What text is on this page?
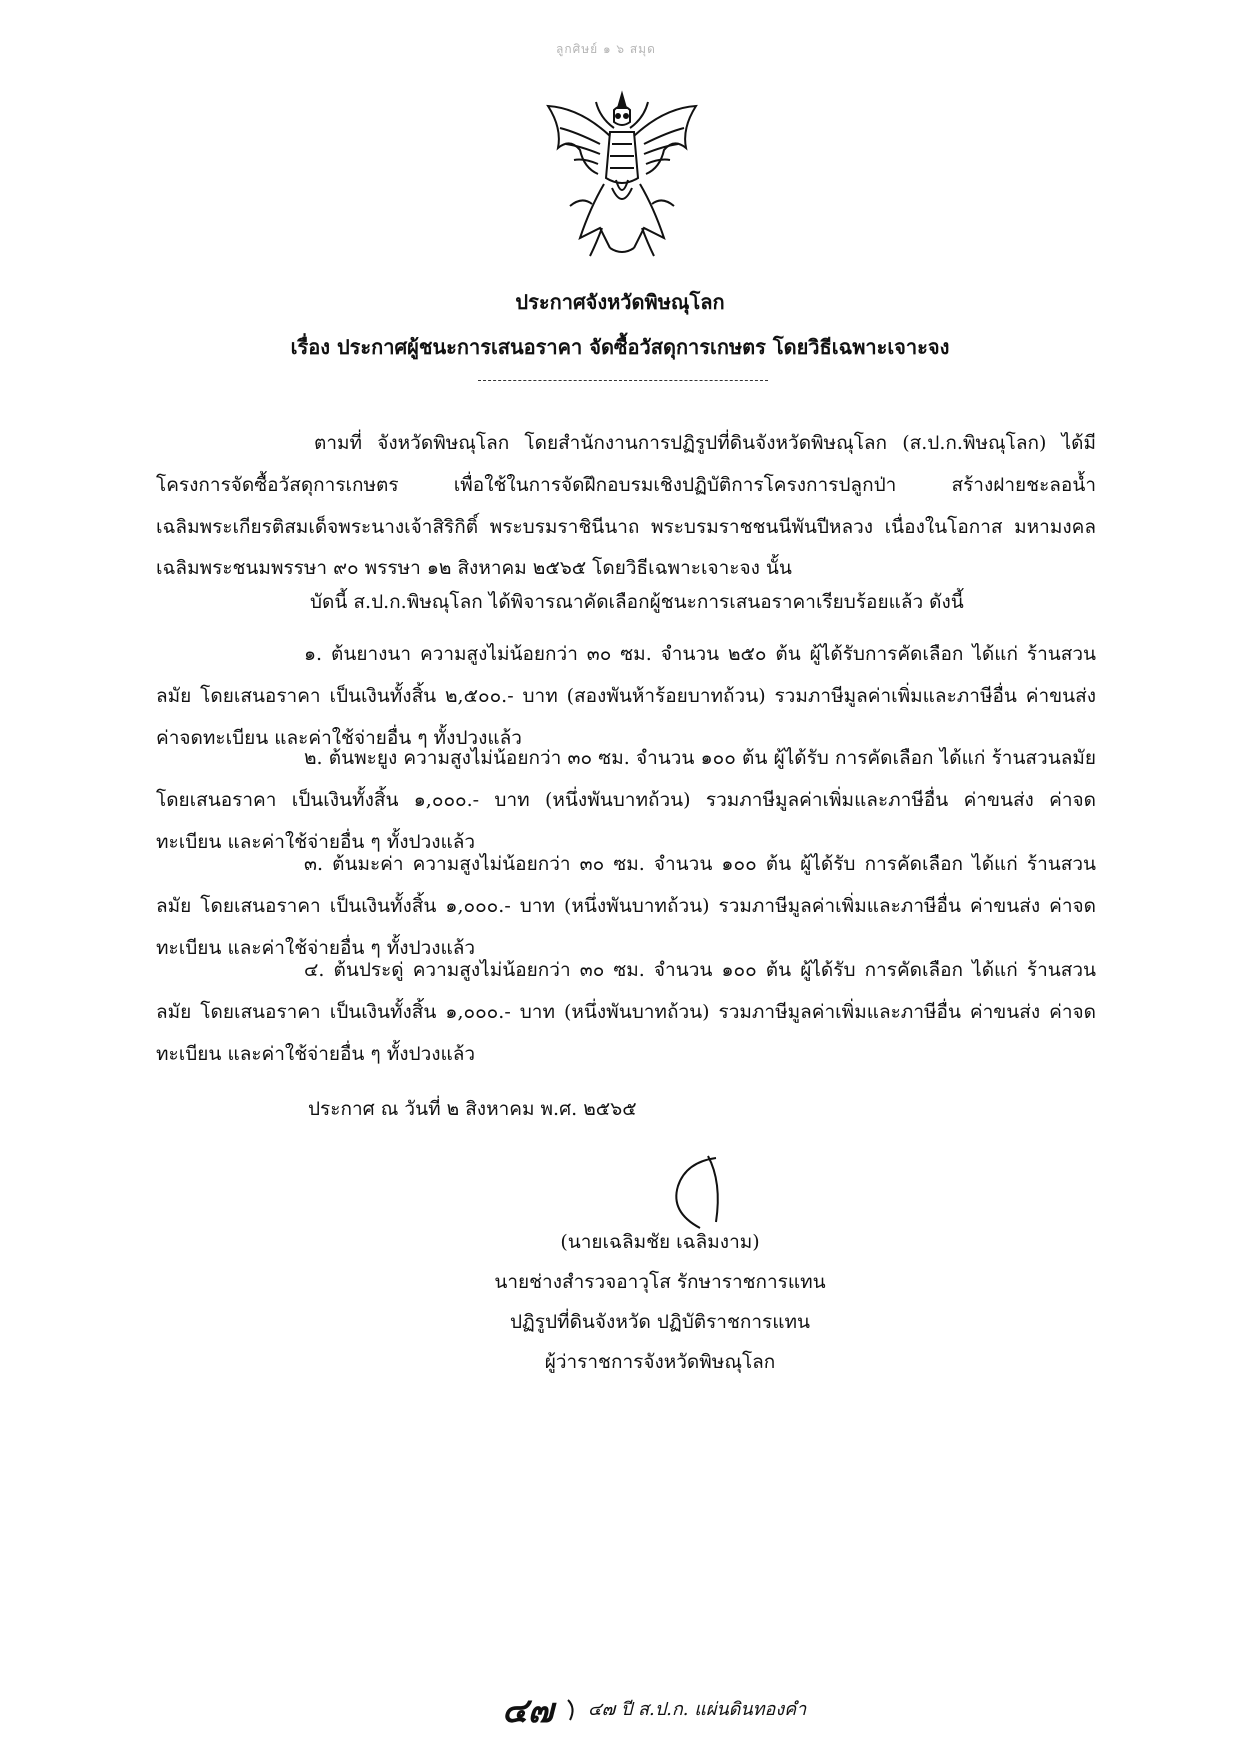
ลูกศิษย์ ๑ ๖ สมุด
ประกาศจังหวัดพิษณุโลก
เรื่อง ประกาศผู้ชนะการเสนอราคา จัดซื้อวัสดุการเกษตร โดยวิธีเฉพาะเจาะจง

ตามที่ จังหวัดพิษณุโลก โดยสำนักงานการปฏิรูปที่ดินจังหวัดพิษณุโลก (ส.ป.ก.พิษณุโลก) ได้มีโครงการจัดซื้อวัสดุการเกษตร เพื่อใช้ในการจัดฝึกอบรมเชิงปฏิบัติการโครงการปลูกป่า สร้างฝายชะลอน้ำ เฉลิมพระเกียรติสมเด็จพระนางเจ้าสิริกิติ์ พระบรมราชินีนาถ พระบรมราชชนนีพันปีหลวง เนื่องในโอกาส มหามงคลเฉลิมพระชนมพรรษา ๙๐ พรรษา ๑๒ สิงหาคม ๒๕๖๕ โดยวิธีเฉพาะเจาะจง นั้น

บัดนี้ ส.ป.ก.พิษณุโลก ได้พิจารณาคัดเลือกผู้ชนะการเสนอราคาเรียบร้อยแล้ว ดังนี้

๑. ต้นยางนา ความสูงไม่น้อยกว่า ๓๐ ซม. จำนวน ๒๕๐ ต้น ผู้ได้รับการคัดเลือก ได้แก่ ร้านสวนลมัย โดยเสนอราคา เป็นเงินทั้งสิ้น ๒,๕๐๐.- บาท (สองพันห้าร้อยบาทถ้วน) รวมภาษีมูลค่าเพิ่มและภาษีอื่น ค่าขนส่ง ค่าจดทะเบียน และค่าใช้จ่ายอื่น ๆ ทั้งปวงแล้ว

๒. ต้นพะยูง ความสูงไม่น้อยกว่า ๓๐ ซม. จำนวน ๑๐๐ ต้น ผู้ได้รับ การคัดเลือก ได้แก่ ร้านสวนลมัย โดยเสนอราคา เป็นเงินทั้งสิ้น ๑,๐๐๐.- บาท (หนึ่งพันบาทถ้วน) รวมภาษีมูลค่าเพิ่มและภาษีอื่น ค่าขนส่ง ค่าจดทะเบียน และค่าใช้จ่ายอื่น ๆ ทั้งปวงแล้ว

๓. ต้นมะค่า ความสูงไม่น้อยกว่า ๓๐ ซม. จำนวน ๑๐๐ ต้น ผู้ได้รับ การคัดเลือก ได้แก่ ร้านสวนลมัย โดยเสนอราคา เป็นเงินทั้งสิ้น ๑,๐๐๐.- บาท (หนึ่งพันบาทถ้วน) รวมภาษีมูลค่าเพิ่มและภาษีอื่น ค่าขนส่ง ค่าจดทะเบียน และค่าใช้จ่ายอื่น ๆ ทั้งปวงแล้ว

๔. ต้นประดู่ ความสูงไม่น้อยกว่า ๓๐ ซม. จำนวน ๑๐๐ ต้น ผู้ได้รับ การคัดเลือก ได้แก่ ร้านสวนลมัย โดยเสนอราคา เป็นเงินทั้งสิ้น ๑,๐๐๐.- บาท (หนึ่งพันบาทถ้วน) รวมภาษีมูลค่าเพิ่มและภาษีอื่น ค่าขนส่ง ค่าจดทะเบียน และค่าใช้จ่ายอื่น ๆ ทั้งปวงแล้ว

ประกาศ ณ วันที่ ๒ สิงหาคม พ.ศ. ๒๕๖๕
(นายเฉลิมชัย เฉลิมงาม)
นายช่างสำรวจอาวุโส รักษาราชการแทน
ปฏิรูปที่ดินจังหวัด ปฏิบัติราชการแทน
ผู้ว่าราชการจังหวัดพิษณุโลก
๔๗ ๔๗ ปี ส.ป.ก. แผ่นดินทองคำ
